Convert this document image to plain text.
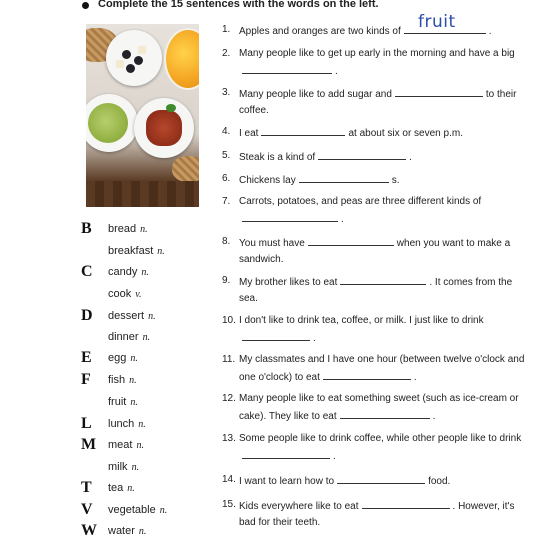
Complete the 15 sentences with the words on the left.
B bread n.
breakfast n.
C candy n.
cook v.
D dessert n.
dinner n.
E egg n.
F fish n.
fruit n.
L lunch n.
M meat n.
milk n.
T tea n.
V vegetable n.
W water n.
1. Apples and oranges are two kinds of	.
2. Many people like to get up early in the morning and have a big.
3. Many people like to add sugar and	to their coffee.
4. I eat	at about six or seven p.m.
5. Steak is a kind of	.
6. Chickens lay	s.
7. Carrots, potatoes, and peas are three different kinds of.
8. You must have	when you want to make a sandwich.
9. My brother likes to eat	. It comes from the sea.
10. I don't like to drink tea, coffee, or milk. I just like to drink.
11. My classmates and I have one hour (between twelve o'clock and one o'clock) to eat	.
12. Many people like to eat something sweet (such as ice-cream or cake). They like to eat	.
13. Some people like to drink coffee, while other people like to drink.
14. I want to learn how to	food.
15. Kids everywhere like to eat	. However, it's bad for their teeth.
fruit
